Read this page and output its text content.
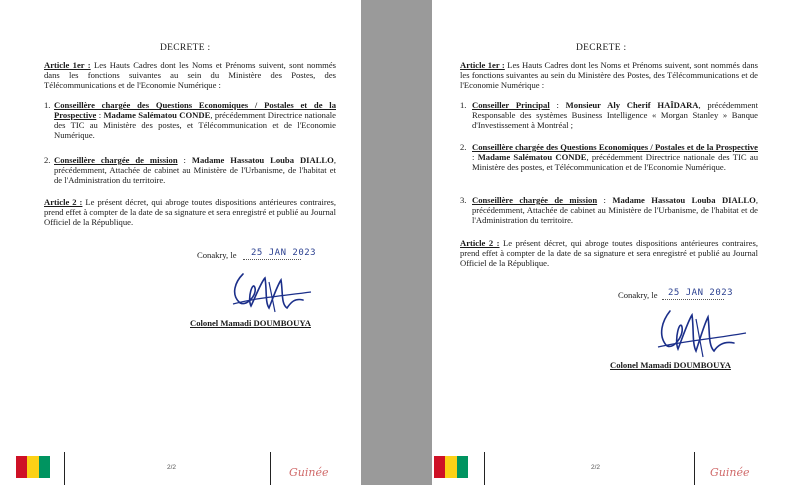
DECRETE :
Article 1er : Les Hauts Cadres dont les Noms et Prénoms suivent, sont nommés dans les fonctions suivantes au sein du Ministère des Postes, des Télécommunications et de l'Economie Numérique :
1. Conseillère chargée des Questions Economiques / Postales et de la Prospective : Madame Salématou CONDE, précédemment Directrice nationale des TIC au Ministère des postes, et Télécommunication et de l'Economie Numérique.
2. Conseillère chargée de mission : Madame Hassatou Louba DIALLO, précédemment, Attachée de cabinet au Ministère de l'Urbanisme, de l'habitat et de l'Administration du territoire.
Article 2 : Le présent décret, qui abroge toutes dispositions antérieures contraires, prend effet à compter de la date de sa signature et sera enregistré et publié au Journal Officiel de la République.
Conakry, le 25 JAN 2023
Colonel Mamadi DOUMBOUYA
2/2	Guinée
DECRETE :
Article 1er : Les Hauts Cadres dont les Noms et Prénoms suivent, sont nommés dans les fonctions suivantes au sein du Ministère des Postes, des Télécommunications et de l'Economie Numérique :
1. Conseiller Principal : Monsieur Aly Cherif HAÏDARA, précédemment Responsable des systèmes Business Intelligence « Morgan Stanley » Banque d'Investissement à Montréal ;
2. Conseillère chargée des Questions Economiques / Postales et de la Prospective : Madame Salématou CONDE, précédemment Directrice nationale des TIC au Ministère des postes, et Télécommunication et de l'Economie Numérique.
3. Conseillère chargée de mission : Madame Hassatou Louba DIALLO, précédemment, Attachée de cabinet au Ministère de l'Urbanisme, de l'habitat et de l'Administration du territoire.
Article 2 : Le présent décret, qui abroge toutes dispositions antérieures contraires, prend effet à compter de la date de sa signature et sera enregistré et publié au Journal Officiel de la République.
Conakry, le 25 JAN 2023
Colonel Mamadi DOUMBOUYA
2/2	Guinée
